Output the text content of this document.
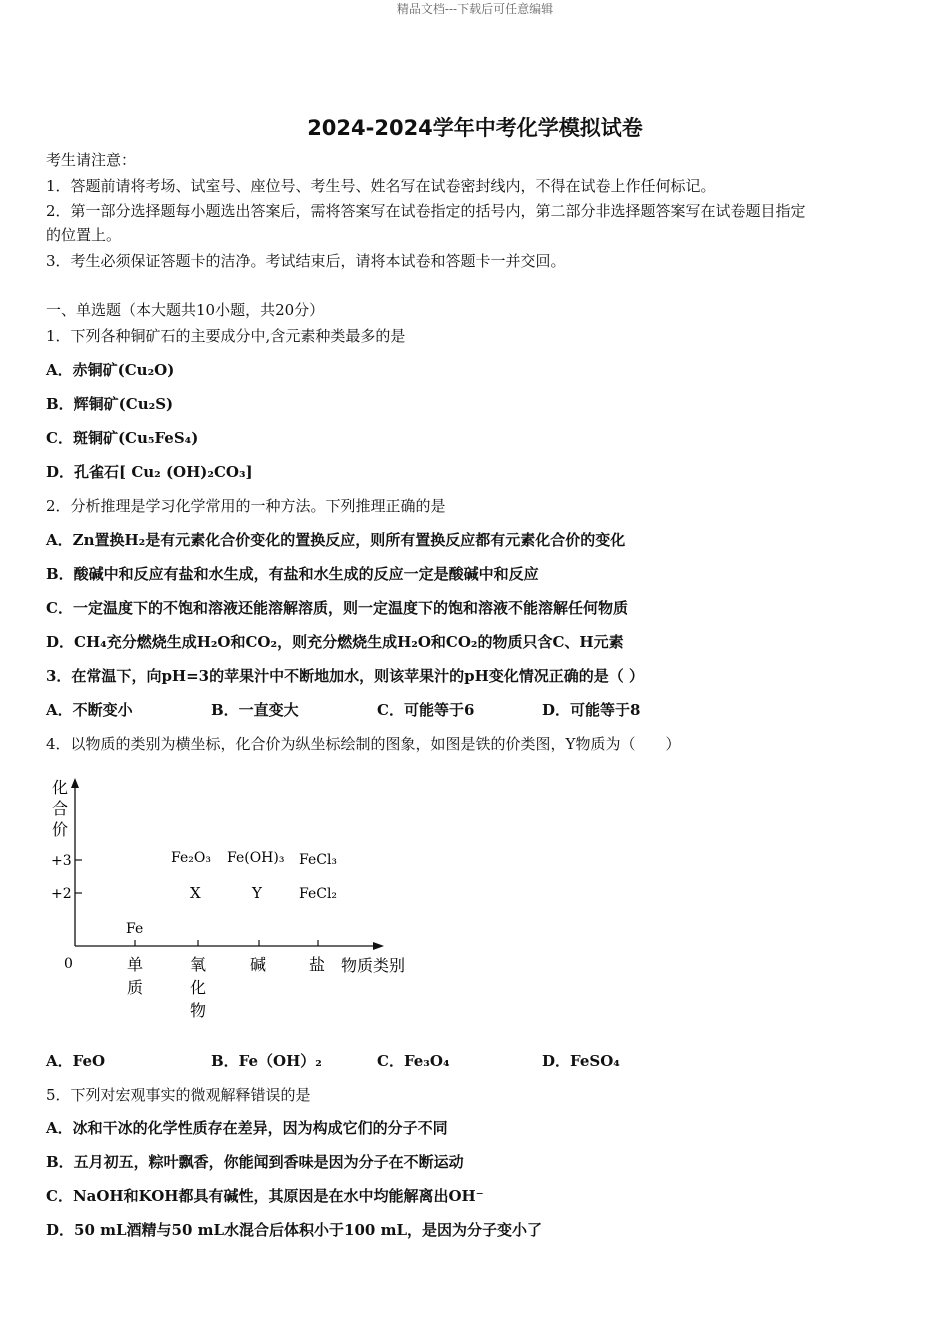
精品文档---下载后可任意编辑
2024-2024学年中考化学模拟试卷
考生请注意：
1．答题前请将考场、试室号、座位号、考生号、姓名写在试卷密封线内，不得在试卷上作任何标记。
2．第一部分选择题每小题选出答案后，需将答案写在试卷指定的括号内，第二部分非选择题答案写在试卷题目指定
的位置上。
3．考生必须保证答题卡的洁净。考试结束后，请将本试卷和答题卡一并交回。
一、单选题（本大题共10小题，共20分）
1．下列各种铜矿石的主要成分中,含元素种类最多的是
A．赤铜矿(Cu₂O)
B．辉铜矿(Cu₂S)
C．斑铜矿(Cu₅FeS₄)
D．孔雀石[ Cu₂ (OH)₂CO₃]
2．分析推理是学习化学常用的一种方法。下列推理正确的是
A．Zn置换H₂是有元素化合价变化的置换反应，则所有置换反应都有元素化合价的变化
B．酸碱中和反应有盐和水生成，有盐和水生成的反应一定是酸碱中和反应
C．一定温度下的不饱和溶液还能溶解溶质，则一定温度下的饱和溶液不能溶解任何物质
D．CH₄充分燃烧生成H₂O和CO₂，则充分燃烧生成H₂O和CO₂的物质只含C、H元素
3．在常温下，向pH=3的苹果汁中不断地加水，则该苹果汁的pH变化情况正确的是（ ）
A．不断变小	B．一直变大	C．可能等于6	D．可能等于8
4．以物质的类别为横坐标，化合价为纵坐标绘制的图象，如图是铁的价类图，Y物质为（　　）
化
合
价
+3
+2
0	单
质
氧
化
物
碱	盐 物质类别
Fe₂O₃ Fe(OH)₃ FeCl₃
X	Y	FeCl₂
Fe
A．FeO	B．Fe（OH）₂	C．Fe₃O₄	D．FeSO₄
5．下列对宏观事实的微观解释错误的是
A．冰和干冰的化学性质存在差异，因为构成它们的分子不同
B．五月初五，粽叶飘香，你能闻到香味是因为分子在不断运动
C．NaOH和KOH都具有碱性，其原因是在水中均能解离出OH⁻
D．50 mL酒精与50 mL水混合后体积小于100 mL，是因为分子变小了
